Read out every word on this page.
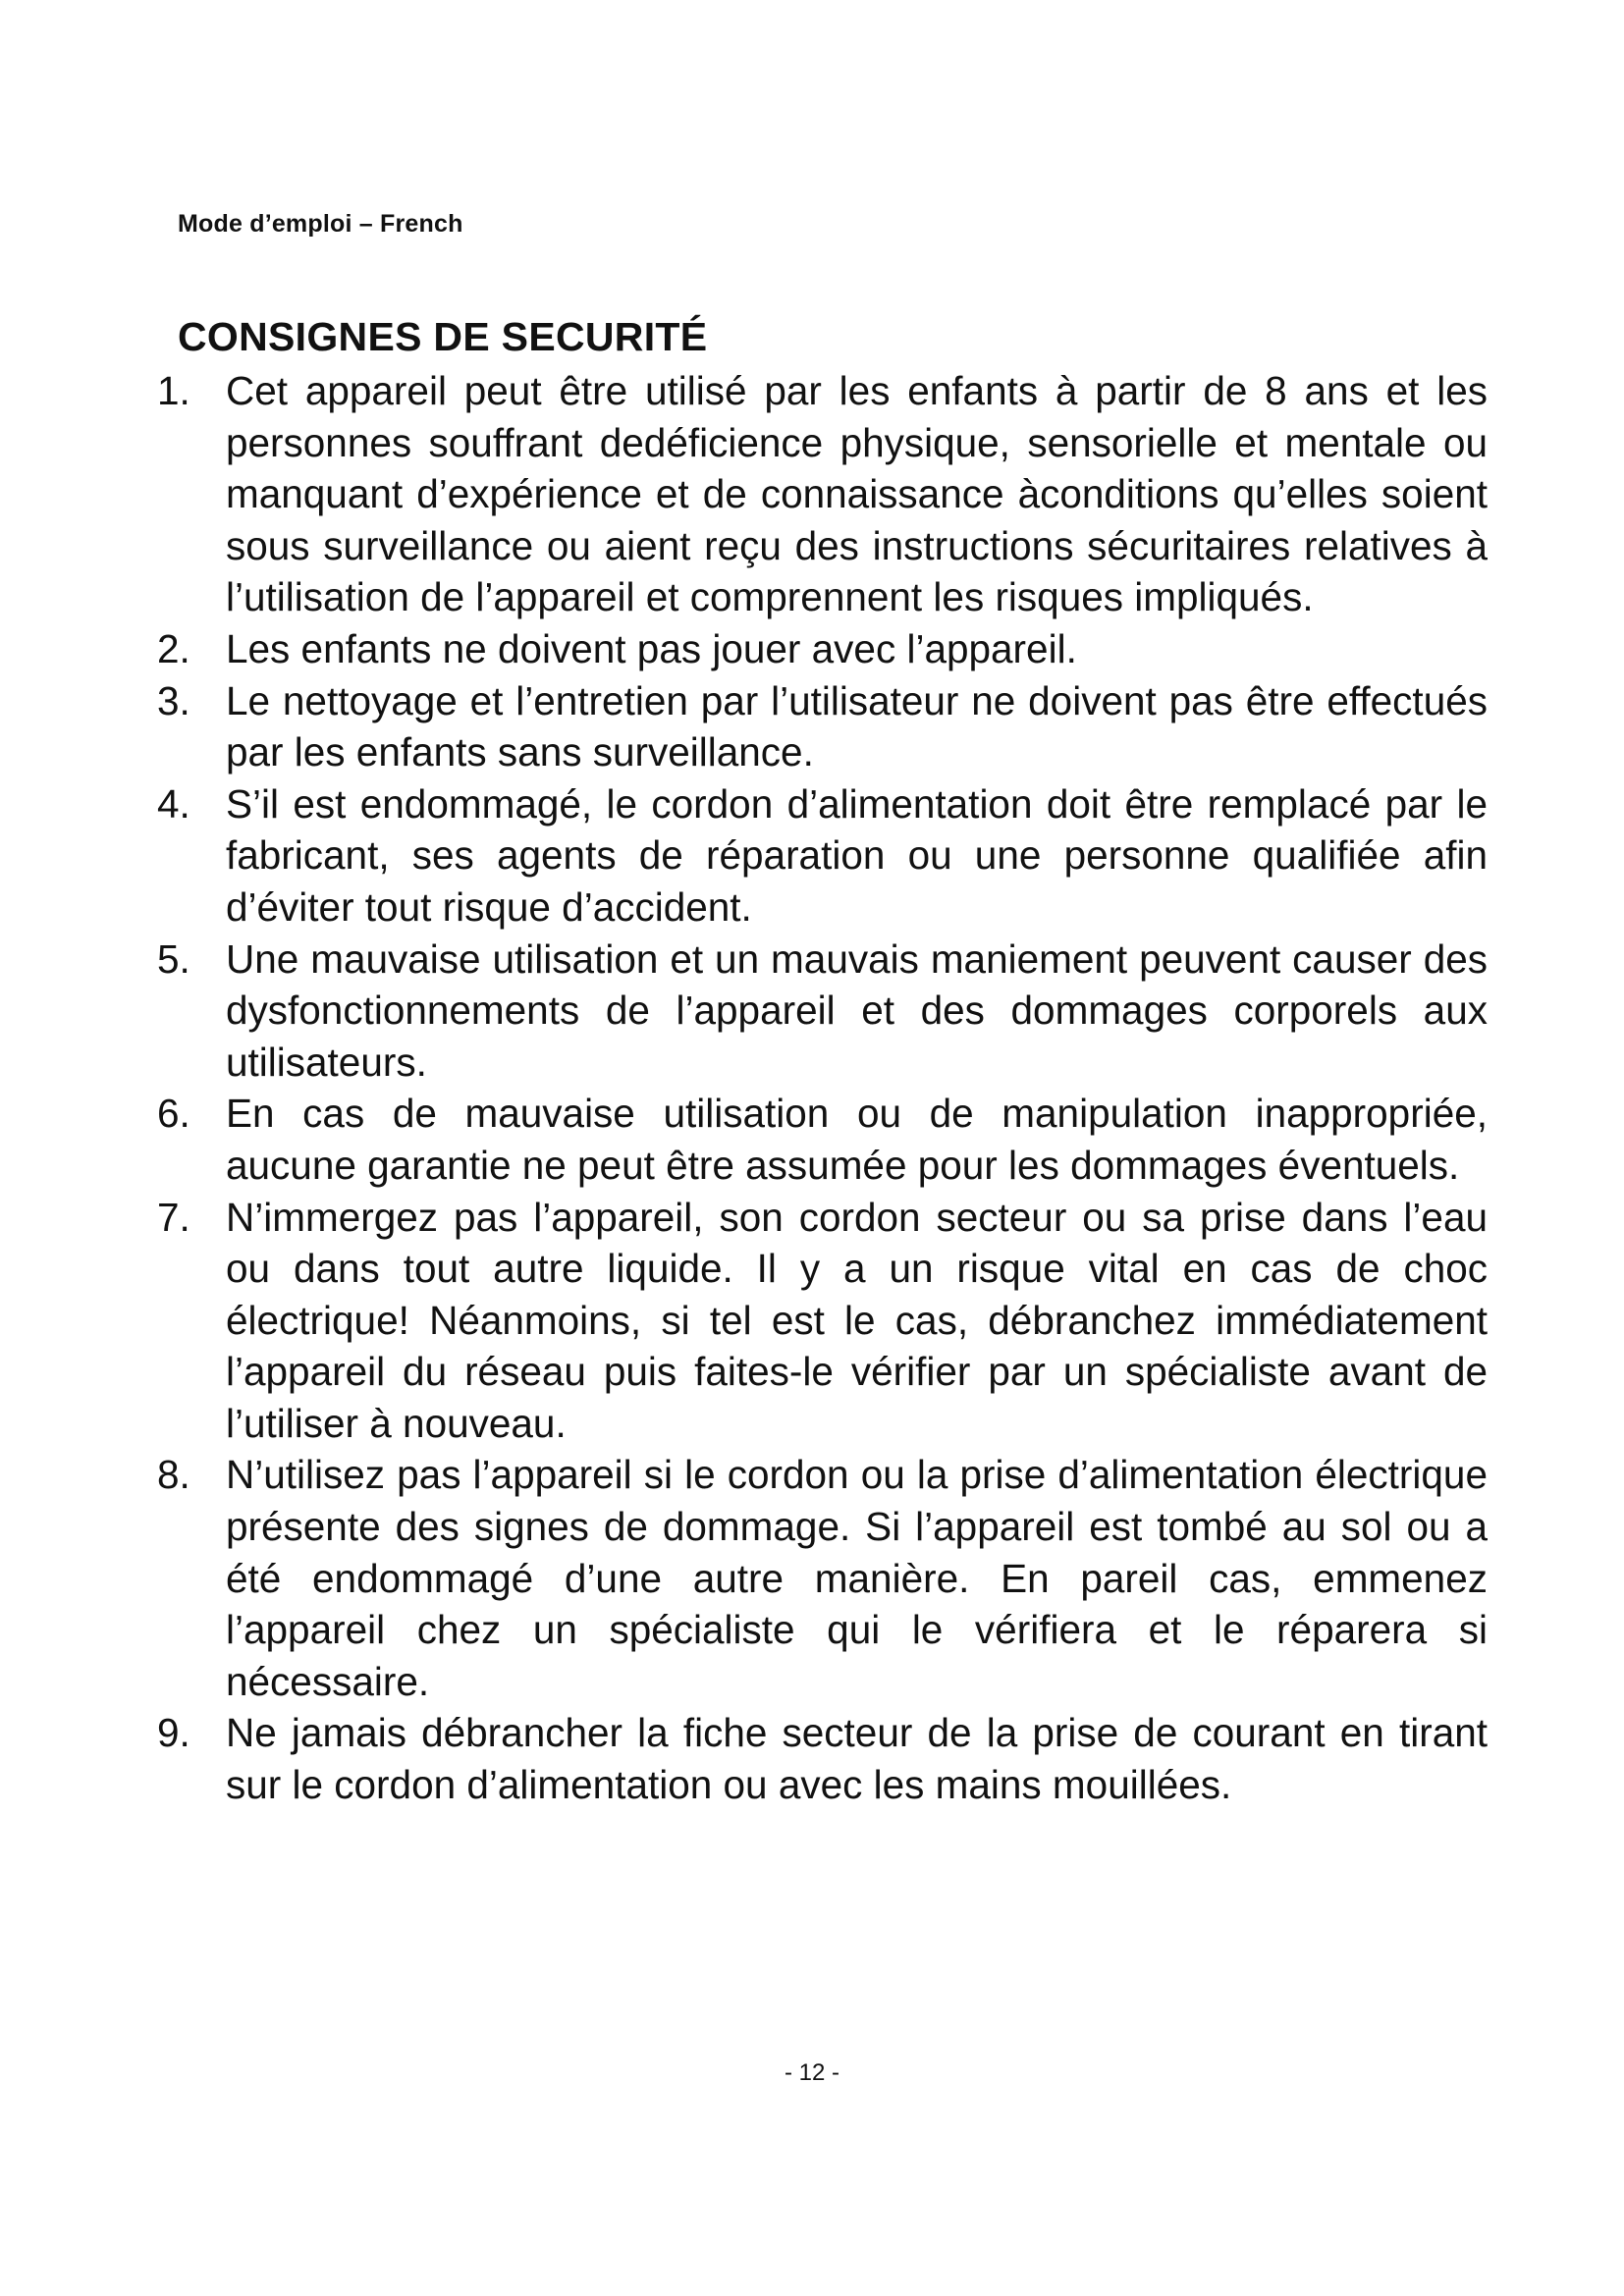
Mode d’emploi – French
CONSIGNES DE SECURITÉ
1. Cet appareil peut être utilisé par les enfants à partir de 8 ans et les personnes souffrant dedéficience physique, sensorielle et mentale ou manquant d’expérience et de connaissance àconditions qu’elles soient sous surveillance ou aient reçu des instructions sécuritaires relatives à l’utilisation de l’appareil et comprennent les risques impliqués.
2. Les enfants ne doivent pas jouer avec l’appareil.
3. Le nettoyage et l’entretien par l’utilisateur ne doivent pas être effectués par les enfants sans surveillance.
4. S’il est endommagé, le cordon d’alimentation doit être remplacé par le fabricant, ses agents de réparation ou une personne qualifiée afin d’éviter tout risque d’accident.
5. Une mauvaise utilisation et un mauvais maniement peuvent causer des dysfonctionnements de l’appareil et des dommages corporels aux utilisateurs.
6. En cas de mauvaise utilisation ou de manipulation inappropriée, aucune garantie ne peut être assumée pour les dommages éventuels.
7. N’immergez pas l’appareil, son cordon secteur ou sa prise dans l’eau ou dans tout autre liquide. Il y a un risque vital en cas de choc électrique! Néanmoins, si tel est le cas, débranchez immédiatement l’appareil du réseau puis faites-le vérifier par un spécialiste avant de l’utiliser à nouveau.
8. N’utilisez pas l’appareil si le cordon ou la prise d’alimentation électrique présente des signes de dommage. Si l’appareil est tombé au sol ou a été endommagé d’une autre manière. En pareil cas, emmenez l’appareil chez un spécialiste qui le vérifiera et le réparera si nécessaire.
9. Ne jamais débrancher la fiche secteur de la prise de courant en tirant sur le cordon d’alimentation ou avec les mains mouillées.
- 12 -
